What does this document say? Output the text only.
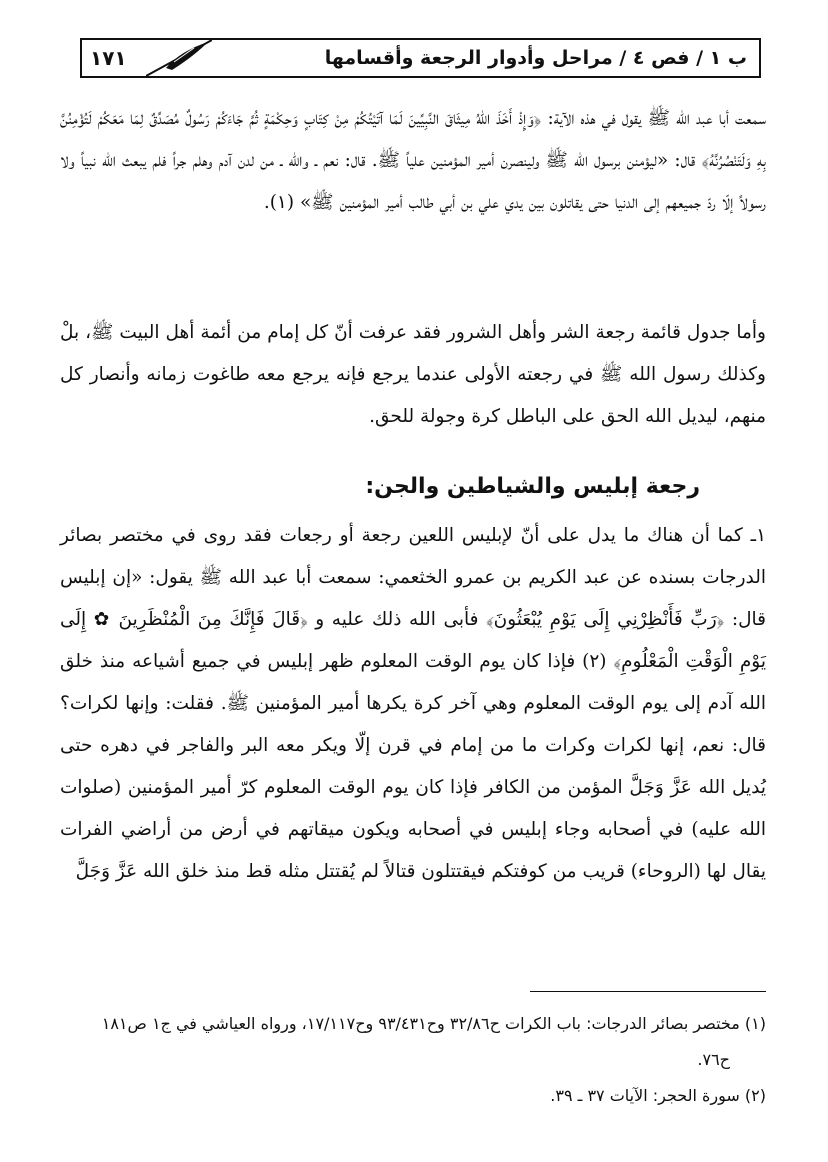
ب ١ / فص ٤ / مراحل وأدوار الرجعة وأقسامها
١٧١

سمعت أبا عبد الله ﷺ يقول في هذه الآية: ﴿وَإِذْ أَخَذَ اللهُ مِيثَاقَ النَّبِيِّينَ لَمَا آتَيْتُكُمْ مِنْ كِتَابٍ وَحِكْمَةٍ ثُمَّ جَاءَكُمْ رَسُولٌ مُصَدِّقٌ لِمَا مَعَكُمْ لَتُؤْمِنُنَّ بِهِ وَلَتَنْصُرُنَّهُ﴾ قال: «ليؤمنن برسول الله ﷺ ولينصرن أمير المؤمنين علياً ﷺ. قال: نعم ـ والله ـ من لدن آدم وهلم جراً فلم يبعث الله نبياً ولا رسولاً إلّا ردّ جميعهم إلى الدنيا حتى يقاتلون بين يدي علي بن أبي طالب أمير المؤمنين ﷺ» (١).

وأما جدول قائمة رجعة الشر وأهل الشرور فقد عرفت أنّ كل إمام من أئمة أهل البيت ﷺ، بلْ وكذلك رسول الله ﷺ في رجعته الأولى عندما يرجع فإنه يرجع معه طاغوت زمانه وأنصار كل منهم، ليديل الله الحق على الباطل كرة وجولة للحق.

رجعة إبليس والشياطين والجن:

١ـ كما أن هناك ما يدل على أنّ لإبليس اللعين رجعة أو رجعات فقد روى في مختصر بصائر الدرجات بسنده عن عبد الكريم بن عمرو الخثعمي: سمعت أبا عبد الله ﷺ يقول: «إن إبليس قال: ﴿رَبِّ فَأَنْظِرْنِي إِلَى يَوْمِ يُبْعَثُونَ﴾ فأبى الله ذلك عليه و ﴿قَالَ فَإِنَّكَ مِنَ الْمُنْظَرِينَ ✿ إِلَى يَوْمِ الْوَقْتِ الْمَعْلُومِ﴾ (٢) فإذا كان يوم الوقت المعلوم ظهر إبليس في جميع أشياعه منذ خلق الله آدم إلى يوم الوقت المعلوم وهي آخر كرة يكرها أمير المؤمنين ﷺ. فقلت: وإنها لكرات؟ قال: نعم، إنها لكرات وكرات ما من إمام في قرن إلّا ويكر معه البر والفاجر في دهره حتى يُديل الله عَزَّ وَجَلَّ المؤمن من الكافر فإذا كان يوم الوقت المعلوم كرّ أمير المؤمنين (صلوات الله عليه) في أصحابه وجاء إبليس في أصحابه ويكون ميقاتهم في أرض من أراضي الفرات يقال لها (الروحاء) قريب من كوفتكم فيقتتلون قتالاً لم يُقتتل مثله قط منذ خلق الله عَزَّ وَجَلَّ

(١) مختصر بصائر الدرجات: باب الكرات ح٣٢/٨٦ وح٩٣/٤٣١ وح١٧/١١٧، ورواه العياشي في ج١ ص١٨١

ح٧٦.

(٢) سورة الحجر: الآيات ٣٧ ـ ٣٩.
